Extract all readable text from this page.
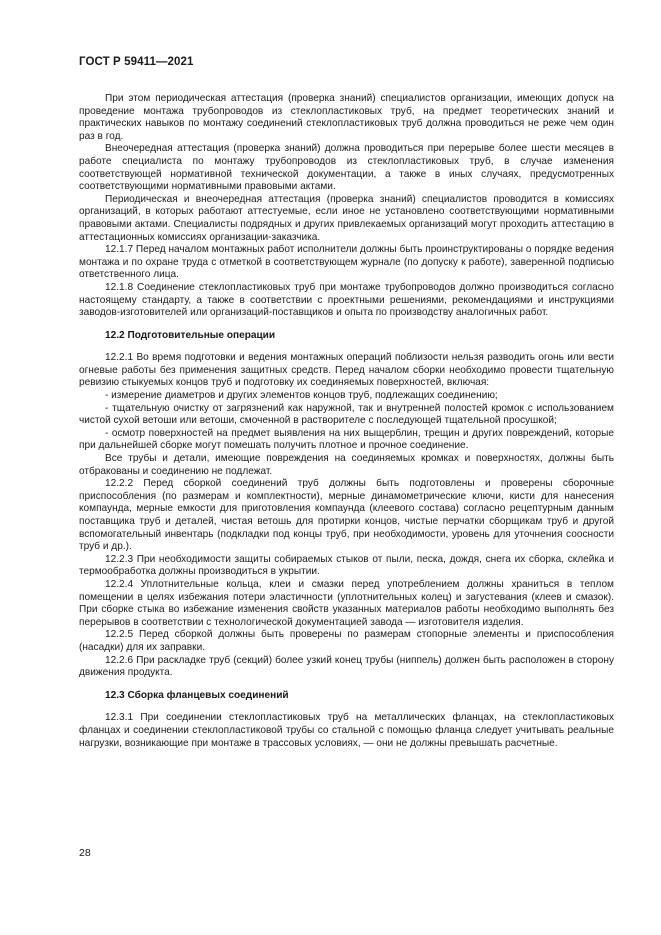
ГОСТ Р 59411—2021

При этом периодическая аттестация (проверка знаний) специалистов организации, имеющих допуск на проведение монтажа трубопроводов из стеклопластиковых труб, на предмет теоретических знаний и практических навыков по монтажу соединений стеклопластиковых труб должна проводиться не реже чем один раз в год.

Внеочередная аттестация (проверка знаний) должна проводиться при перерыве более шести месяцев в работе специалиста по монтажу трубопроводов из стеклопластиковых труб, в случае изменения соответствующей нормативной технической документации, а также в иных случаях, предусмотренных соответствующими нормативными правовыми актами.

Периодическая и внеочередная аттестация (проверка знаний) специалистов проводится в комиссиях организаций, в которых работают аттестуемые, если иное не установлено соответствующими нормативными правовыми актами. Специалисты подрядных и других привлекаемых организаций могут проходить аттестацию в аттестационных комиссиях организации-заказчика.

12.1.7 Перед началом монтажных работ исполнители должны быть проинструктированы о порядке ведения монтажа и по охране труда с отметкой в соответствующем журнале (по допуску к работе), заверенной подписью ответственного лица.

12.1.8 Соединение стеклопластиковых труб при монтаже трубопроводов должно производиться согласно настоящему стандарту, а также в соответствии с проектными решениями, рекомендациями и инструкциями заводов-изготовителей или организаций-поставщиков и опыта по производству аналогичных работ.

12.2 Подготовительные операции

12.2.1 Во время подготовки и ведения монтажных операций поблизости нельзя разводить огонь или вести огневые работы без применения защитных средств. Перед началом сборки необходимо провести тщательную ревизию стыкуемых концов труб и подготовку их соединяемых поверхностей, включая:

- измерение диаметров и других элементов концов труб, подлежащих соединению;

- тщательную очистку от загрязнений как наружной, так и внутренней полостей кромок с использованием чистой сухой ветоши или ветоши, смоченной в растворителе с последующей тщательной просушкой;

- осмотр поверхностей на предмет выявления на них выщерблин, трещин и других повреждений, которые при дальнейшей сборке могут помешать получить плотное и прочное соединение.

Все трубы и детали, имеющие повреждения на соединяемых кромках и поверхностях, должны быть отбракованы и соединению не подлежат.

12.2.2 Перед сборкой соединений труб должны быть подготовлены и проверены сборочные приспособления (по размерам и комплектности), мерные динамометрические ключи, кисти для нанесения компаунда, мерные емкости для приготовления компаунда (клеевого состава) согласно рецептурным данным поставщика труб и деталей, чистая ветошь для протирки концов, чистые перчатки сборщикам труб и другой вспомогательный инвентарь (подкладки под концы труб, при необходимости, уровень для уточнения соосности труб и др.).

12.2.3 При необходимости защиты собираемых стыков от пыли, песка, дождя, снега их сборка, склейка и термообработка должны производиться в укрытии.

12.2.4 Уплотнительные кольца, клеи и смазки перед употреблением должны храниться в теплом помещении в целях избежания потери эластичности (уплотнительных колец) и загустевания (клеев и смазок). При сборке стыка во избежание изменения свойств указанных материалов работы необходимо выполнять без перерывов в соответствии с технологической документацией завода — изготовителя изделия.

12.2.5 Перед сборкой должны быть проверены по размерам стопорные элементы и приспособления (насадки) для их заправки.

12.2.6 При раскладке труб (секций) более узкий конец трубы (ниппель) должен быть расположен в сторону движения продукта.

12.3 Сборка фланцевых соединений

12.3.1 При соединении стеклопластиковых труб на металлических фланцах, на стеклопластиковых фланцах и соединении стеклопластиковой трубы со стальной с помощью фланца следует учитывать реальные нагрузки, возникающие при монтаже в трассовых условиях, — они не должны превышать расчетные.

28
